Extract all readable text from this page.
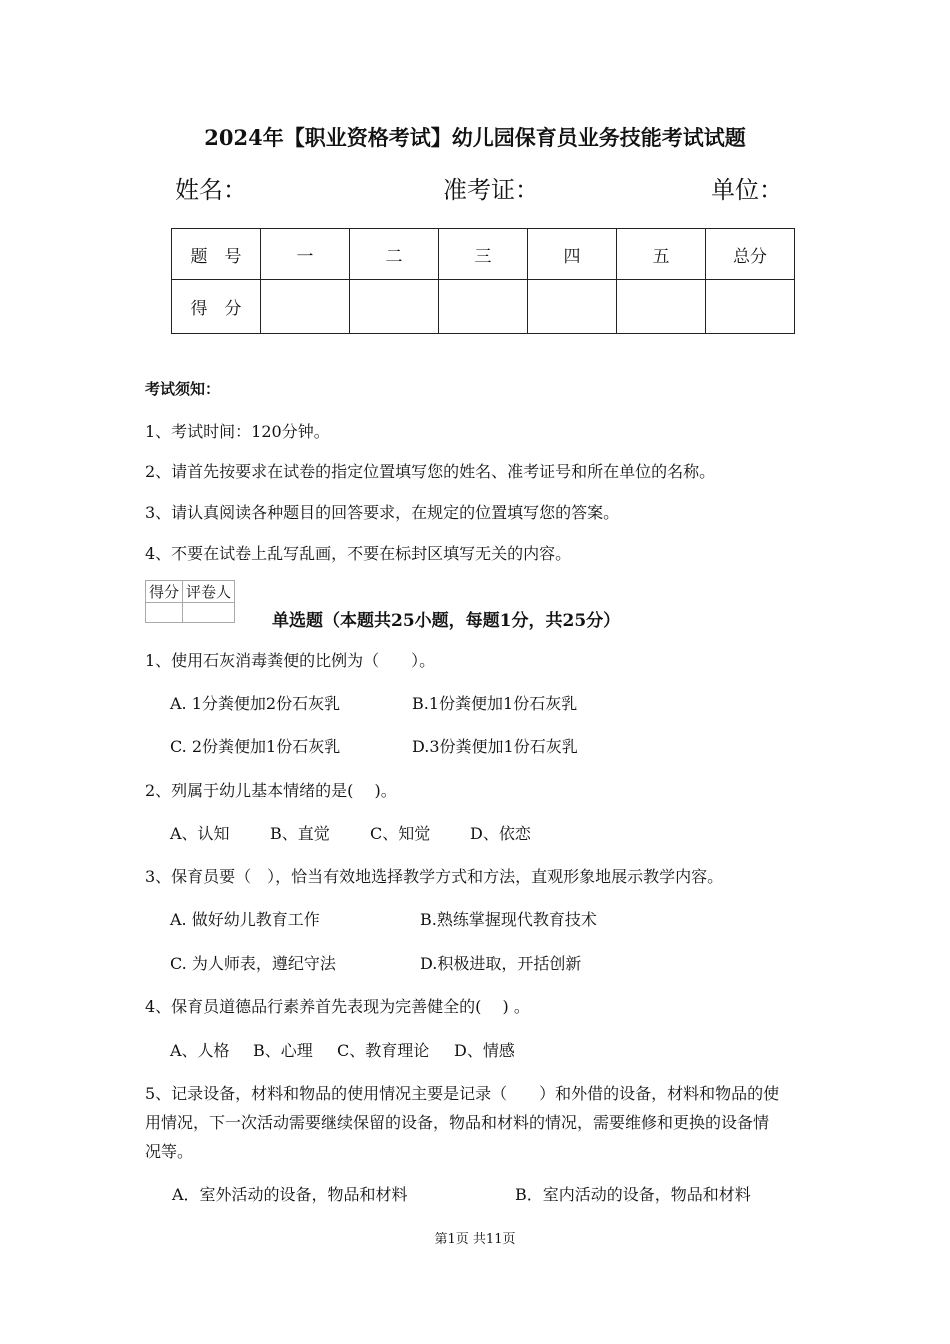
2024年【职业资格考试】幼儿园保育员业务技能考试试题
姓名：	准考证：	单位：
题　号	一	二	三	四	五	总分
得　分						
考试须知：
1、考试时间：120分钟。
2、请首先按要求在试卷的指定位置填写您的姓名、准考证号和所在单位的名称。
3、请认真阅读各种题目的回答要求，在规定的位置填写您的答案。
4、不要在试卷上乱写乱画，不要在标封区填写无关的内容。
得分	评卷人

单选题（本题共25小题，每题1分，共25分）
1、使用石灰消毒粪便的比例为（　　）。
A. 1分粪便加2份石灰乳	B.1份粪便加1份石灰乳
C. 2份粪便加1份石灰乳	D.3份粪便加1份石灰乳
2、列属于幼儿基本情绪的是(　 )。
A、认知	B、直觉	C、知觉 D、依恋
3、保育员要（　），恰当有效地选择教学方式和方法，直观形象地展示教学内容。
A. 做好幼儿教育工作	B.熟练掌握现代教育技术
C. 为人师表，遵纪守法	D.积极进取，开括创新
4、保育员道德品行素养首先表现为完善健全的(　 ) 。
A、人格 B、心理 C、教育理论 D、情感
5、记录设备，材料和物品的使用情况主要是记录（　　）和外借的设备，材料和物品的使
用情况，下一次活动需要继续保留的设备，物品和材料的情况，需要维修和更换的设备情
况等。
A．室外活动的设备，物品和材料	B．室内活动的设备，物品和材料
第1页 共11页
